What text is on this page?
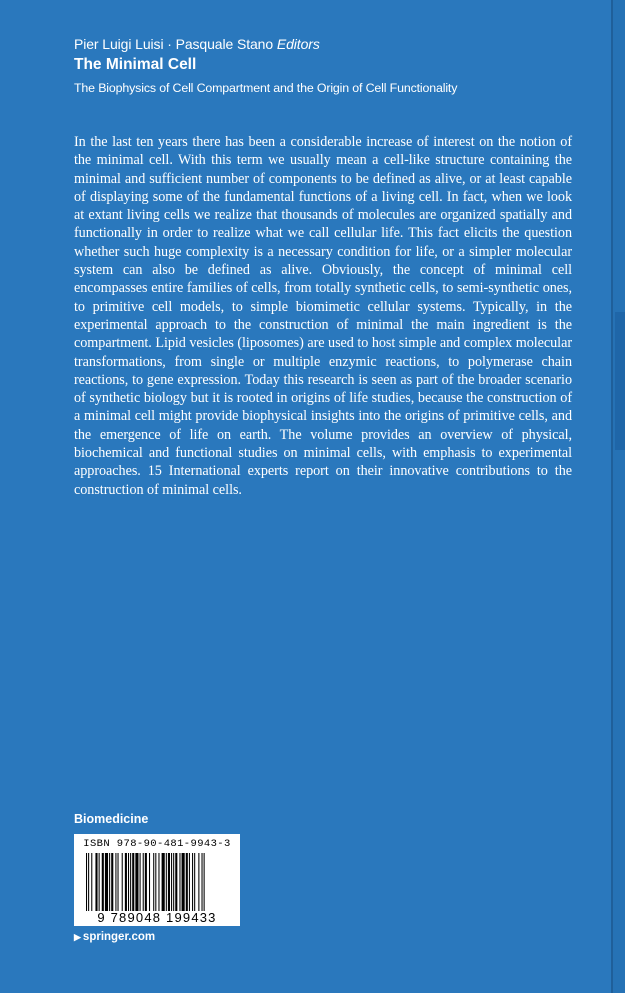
Pier Luigi Luisi · Pasquale Stano Editors
The Minimal Cell
The Biophysics of Cell Compartment and the Origin of Cell Functionality
In the last ten years there has been a considerable increase of interest on the notion of the minimal cell. With this term we usually mean a cell-like structure containing the minimal and sufficient number of components to be defined as alive, or at least capable of displaying some of the fundamental functions of a living cell. In fact, when we look at extant living cells we realize that thousands of molecules are organized spatially and functionally in order to realize what we call cellular life. This fact elicits the question whether such huge complexity is a necessary condition for life, or a simpler molecular system can also be defined as alive. Obviously, the concept of minimal cell encompasses entire families of cells, from totally synthetic cells, to semi-synthetic ones, to primitive cell models, to simple biomimetic cellular systems. Typically, in the experimental approach to the construction of minimal the main ingredient is the compartment. Lipid vesicles (liposomes) are used to host simple and complex molecular transformations, from single or multiple enzymic reactions, to polymerase chain reactions, to gene expression. Today this research is seen as part of the broader scenario of synthetic biology but it is rooted in origins of life studies, because the construction of a minimal cell might provide biophysical insights into the origins of primitive cells, and the emergence of life on earth. The volume provides an overview of physical, biochemical and functional studies on minimal cells, with emphasis to experimental approaches. 15 International experts report on their innovative contributions to the construction of minimal cells.
Biomedicine
ISBN 978-90-481-9943-3
9 789048 199433
▶ springer.com
